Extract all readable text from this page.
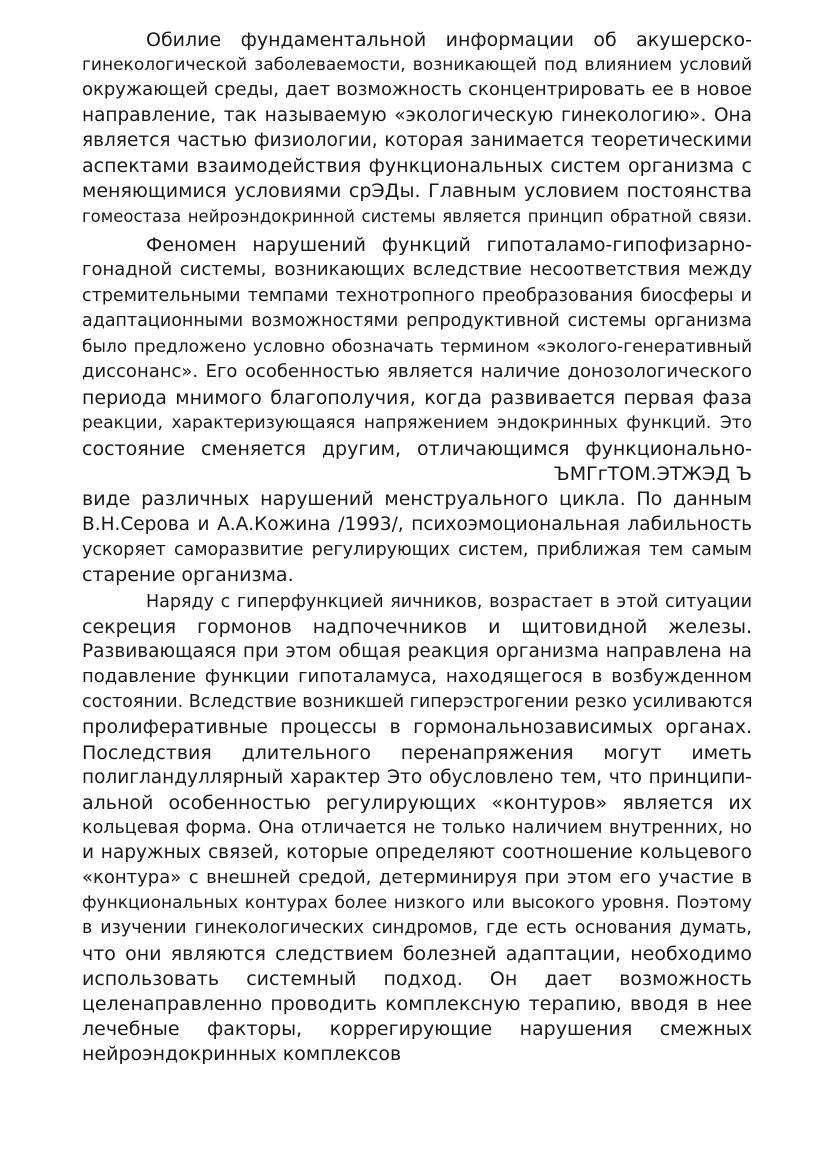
Обилие фундаментальной информации об акушерско-
гинекологической заболеваемости, возникающей под влиянием условий
окружающей среды, дает возможность сконцентрировать ее в новое
направление, так называемую «экологическую гинекологию». Она
является частью физиологии, которая занимается теоретическими
аспектами взаимодействия функциональных систем организма с
меняющимися условиями срЭДы. Главным условием постоянства
гомеостаза нейроэндокринной системы является принцип обратной связи.
Феномен нарушений функций гипоталамо-гипофизарно-
гонадной системы, возникающих вследствие несоответствия между
стремительными темпами технотропного преобразования биосферы и
адаптационными возможностями репродуктивной системы организма
было предложено условно обозначать термином «эколого-генеративный
диссонанс». Его особенностью является наличие донозологического
периода мнимого благополучия, когда развивается первая фаза
реакции, характеризующаяся напряжением эндокринных функций. Это
состояние сменяется другим, отличающимся функционально-
ЪМГгТОМ.ЭТЖЭД Ъ
виде различных нарушений менструального цикла. По данным
В.Н.Серова и А.А.Кожина /1993/, психоэмоциональная лабильность
ускоряет саморазвитие регулирующих систем, приближая тем самым
старение организма.
Наряду с гиперфункцией яичников, возрастает в этой ситуации
секреция гормонов надпочечников и щитовидной железы.
Развивающаяся при этом общая реакция организма направлена на
подавление функции гипоталамуса, находящегося в возбужденном
состоянии. Вследствие возникшей гиперэстрогении резко усиливаются
пролиферативные процессы в гормональнозависимых органах.
Последствия длительного перенапряжения могут иметь
полигландуллярный характер Это обусловлено тем, что принципи-
альной особенностью регулирующих «контуров» является их
кольцевая форма. Она отличается не только наличием внутренних, но
и наружных связей, которые определяют соотношение кольцевого
«контура» с внешней средой, детерминируя при этом его участие в
функциональных контурах более низкого или высокого уровня. Поэтому
в изучении гинекологических синдромов, где есть основания думать,
что они являются следствием болезней адаптации, необходимо
использовать системный подход. Он дает возможность
целенаправленно проводить комплексную терапию, вводя в нее
лечебные факторы, коррегирующие нарушения смежных
нейроэндокринных комплексов
